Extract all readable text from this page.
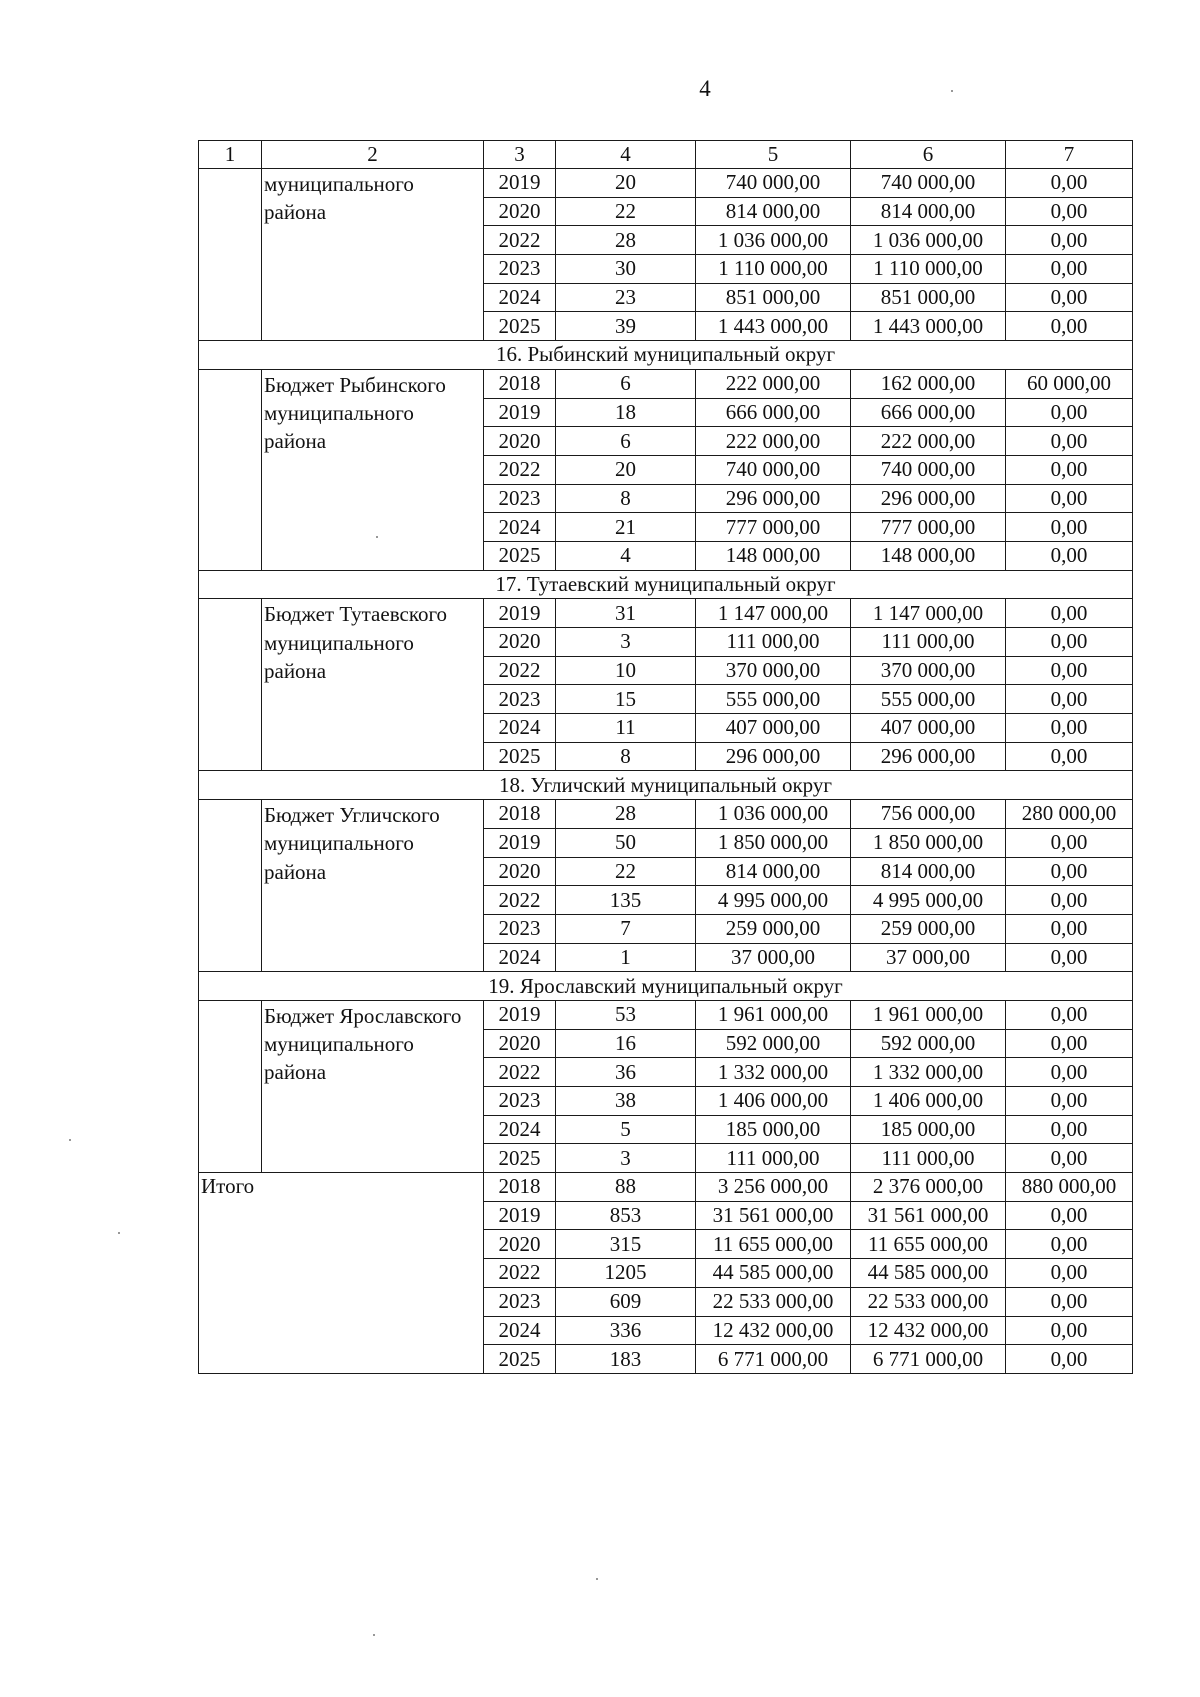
4
1	2	3	4	5	6	7
	муниципального района	2019	20	740 000,00	740 000,00	0,00
		2020	22	814 000,00	814 000,00	0,00
		2022	28	1 036 000,00	1 036 000,00	0,00
		2023	30	1 110 000,00	1 110 000,00	0,00
		2024	23	851 000,00	851 000,00	0,00
		2025	39	1 443 000,00	1 443 000,00	0,00
16. Рыбинский муниципальный округ						
	Бюджет Рыбинского муниципального района	2018	6	222 000,00	162 000,00	60 000,00
		2019	18	666 000,00	666 000,00	0,00
		2020	6	222 000,00	222 000,00	0,00
		2022	20	740 000,00	740 000,00	0,00
		2023	8	296 000,00	296 000,00	0,00
		2024	21	777 000,00	777 000,00	0,00
		2025	4	148 000,00	148 000,00	0,00
17. Тутаевский муниципальный округ						
	Бюджет Тутаевского муниципального района	2019	31	1 147 000,00	1 147 000,00	0,00
		2020	3	111 000,00	111 000,00	0,00
		2022	10	370 000,00	370 000,00	0,00
		2023	15	555 000,00	555 000,00	0,00
		2024	11	407 000,00	407 000,00	0,00
		2025	8	296 000,00	296 000,00	0,00
18. Угличский муниципальный округ						
	Бюджет Угличского муниципального района	2018	28	1 036 000,00	756 000,00	280 000,00
		2019	50	1 850 000,00	1 850 000,00	0,00
		2020	22	814 000,00	814 000,00	0,00
		2022	135	4 995 000,00	4 995 000,00	0,00
		2023	7	259 000,00	259 000,00	0,00
		2024	1	37 000,00	37 000,00	0,00
19. Ярославский муниципальный округ						
	Бюджет Ярославского муниципального района	2019	53	1 961 000,00	1 961 000,00	0,00
		2020	16	592 000,00	592 000,00	0,00
		2022	36	1 332 000,00	1 332 000,00	0,00
		2023	38	1 406 000,00	1 406 000,00	0,00
		2024	5	185 000,00	185 000,00	0,00
		2025	3	111 000,00	111 000,00	0,00
Итого		2018	88	3 256 000,00	2 376 000,00	880 000,00
		2019	853	31 561 000,00	31 561 000,00	0,00
		2020	315	11 655 000,00	11 655 000,00	0,00
		2022	1205	44 585 000,00	44 585 000,00	0,00
		2023	609	22 533 000,00	22 533 000,00	0,00
		2024	336	12 432 000,00	12 432 000,00	0,00
		2025	183	6 771 000,00	6 771 000,00	0,00
